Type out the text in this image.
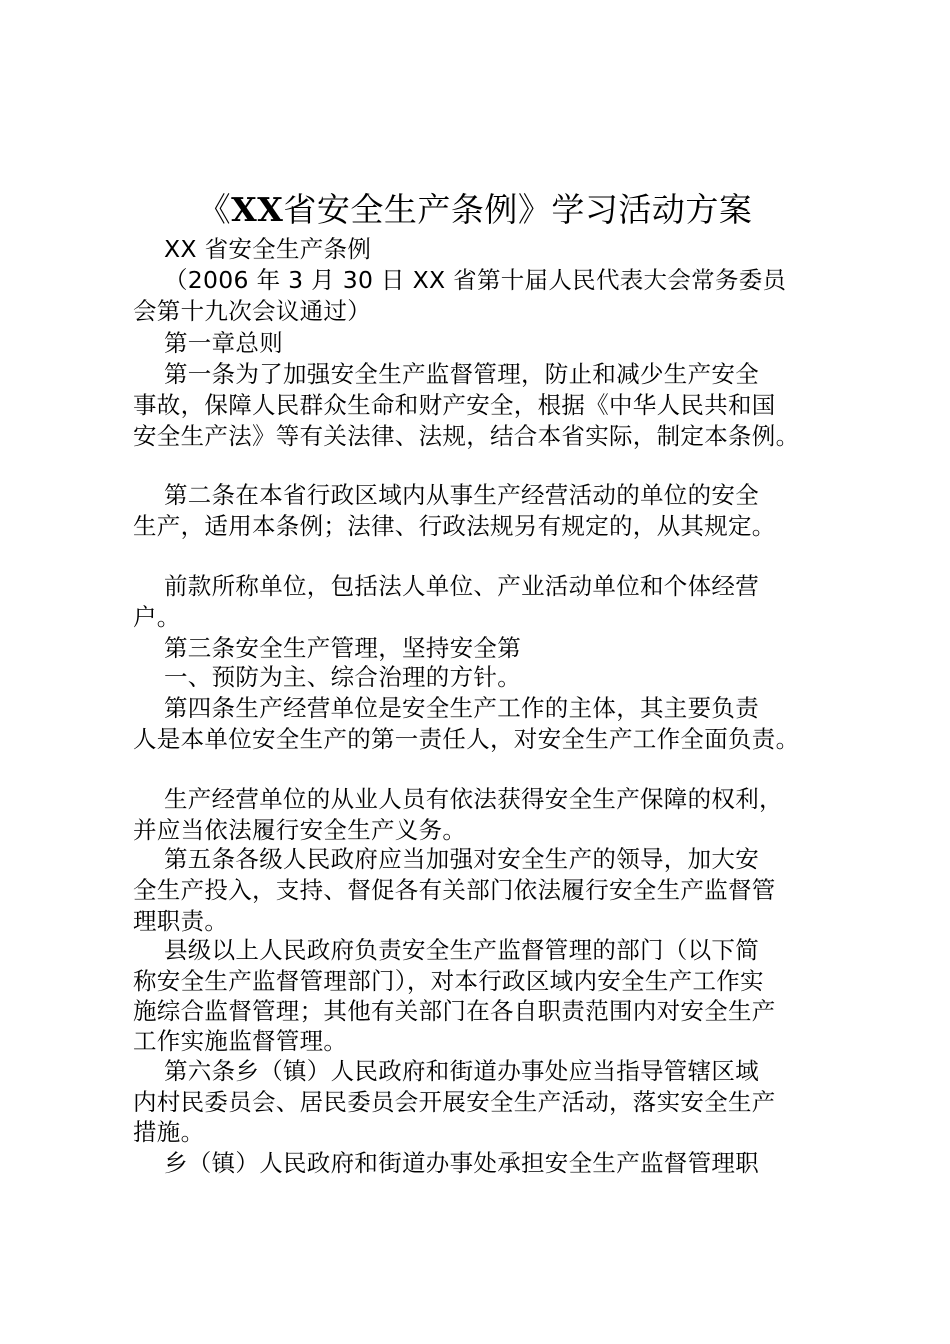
《XX省安全生产条例》学习活动方案
XX 省安全生产条例
（2006 年 3 月 30 日 XX 省第十届人民代表大会常务委员
会第十九次会议通过）
第一章总则
第一条为了加强安全生产监督管理，防止和减少生产安全
事故，保障人民群众生命和财产安全，根据《中华人民共和国
安全生产法》等有关法律、法规，结合本省实际，制定本条例。
第二条在本省行政区域内从事生产经营活动的单位的安全
生产，适用本条例；法律、行政法规另有规定的，从其规定。
前款所称单位，包括法人单位、产业活动单位和个体经营
户。
第三条安全生产管理，坚持安全第
一、预防为主、综合治理的方针。
第四条生产经营单位是安全生产工作的主体，其主要负责
人是本单位安全生产的第一责任人，对安全生产工作全面负责。
生产经营单位的从业人员有依法获得安全生产保障的权利，
并应当依法履行安全生产义务。
第五条各级人民政府应当加强对安全生产的领导，加大安
全生产投入，支持、督促各有关部门依法履行安全生产监督管
理职责。
县级以上人民政府负责安全生产监督管理的部门（以下简
称安全生产监督管理部门），对本行政区域内安全生产工作实
施综合监督管理；其他有关部门在各自职责范围内对安全生产
工作实施监督管理。
第六条乡（镇）人民政府和街道办事处应当指导管辖区域
内村民委员会、居民委员会开展安全生产活动，落实安全生产
措施。
乡（镇）人民政府和街道办事处承担安全生产监督管理职
